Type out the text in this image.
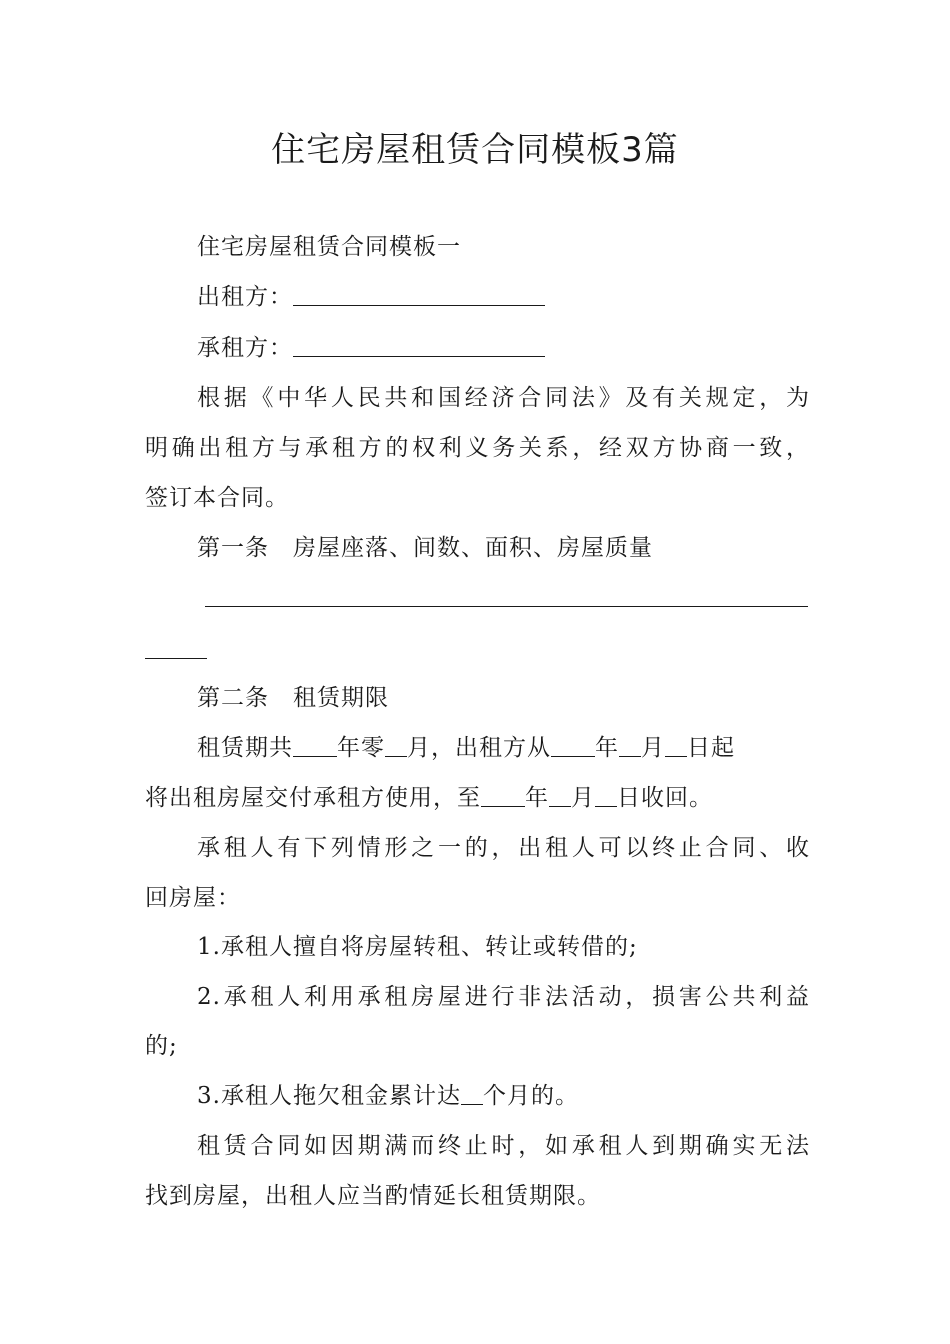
住宅房屋租赁合同模板3篇
住宅房屋租赁合同模板一
出租方：
承租方：
根据《中华人民共和国经济合同法》及有关规定，为
明确出租方与承租方的权利义务关系，经双方协商一致，
签订本合同。
第一条　房屋座落、间数、面积、房屋质量
第二条　租赁期限
租赁期共 年零 月，出租方从 年 月 日起
将出租房屋交付承租方使用，至 年 月 日收回。
承租人有下列情形之一的，出租人可以终止合同、收
回房屋：
1.承租人擅自将房屋转租、转让或转借的;
2.承租人利用承租房屋进行非法活动，损害公共利益
的;
3.承租人拖欠租金累计达 个月的。
租赁合同如因期满而终止时，如承租人到期确实无法
找到房屋，出租人应当酌情延长租赁期限。
